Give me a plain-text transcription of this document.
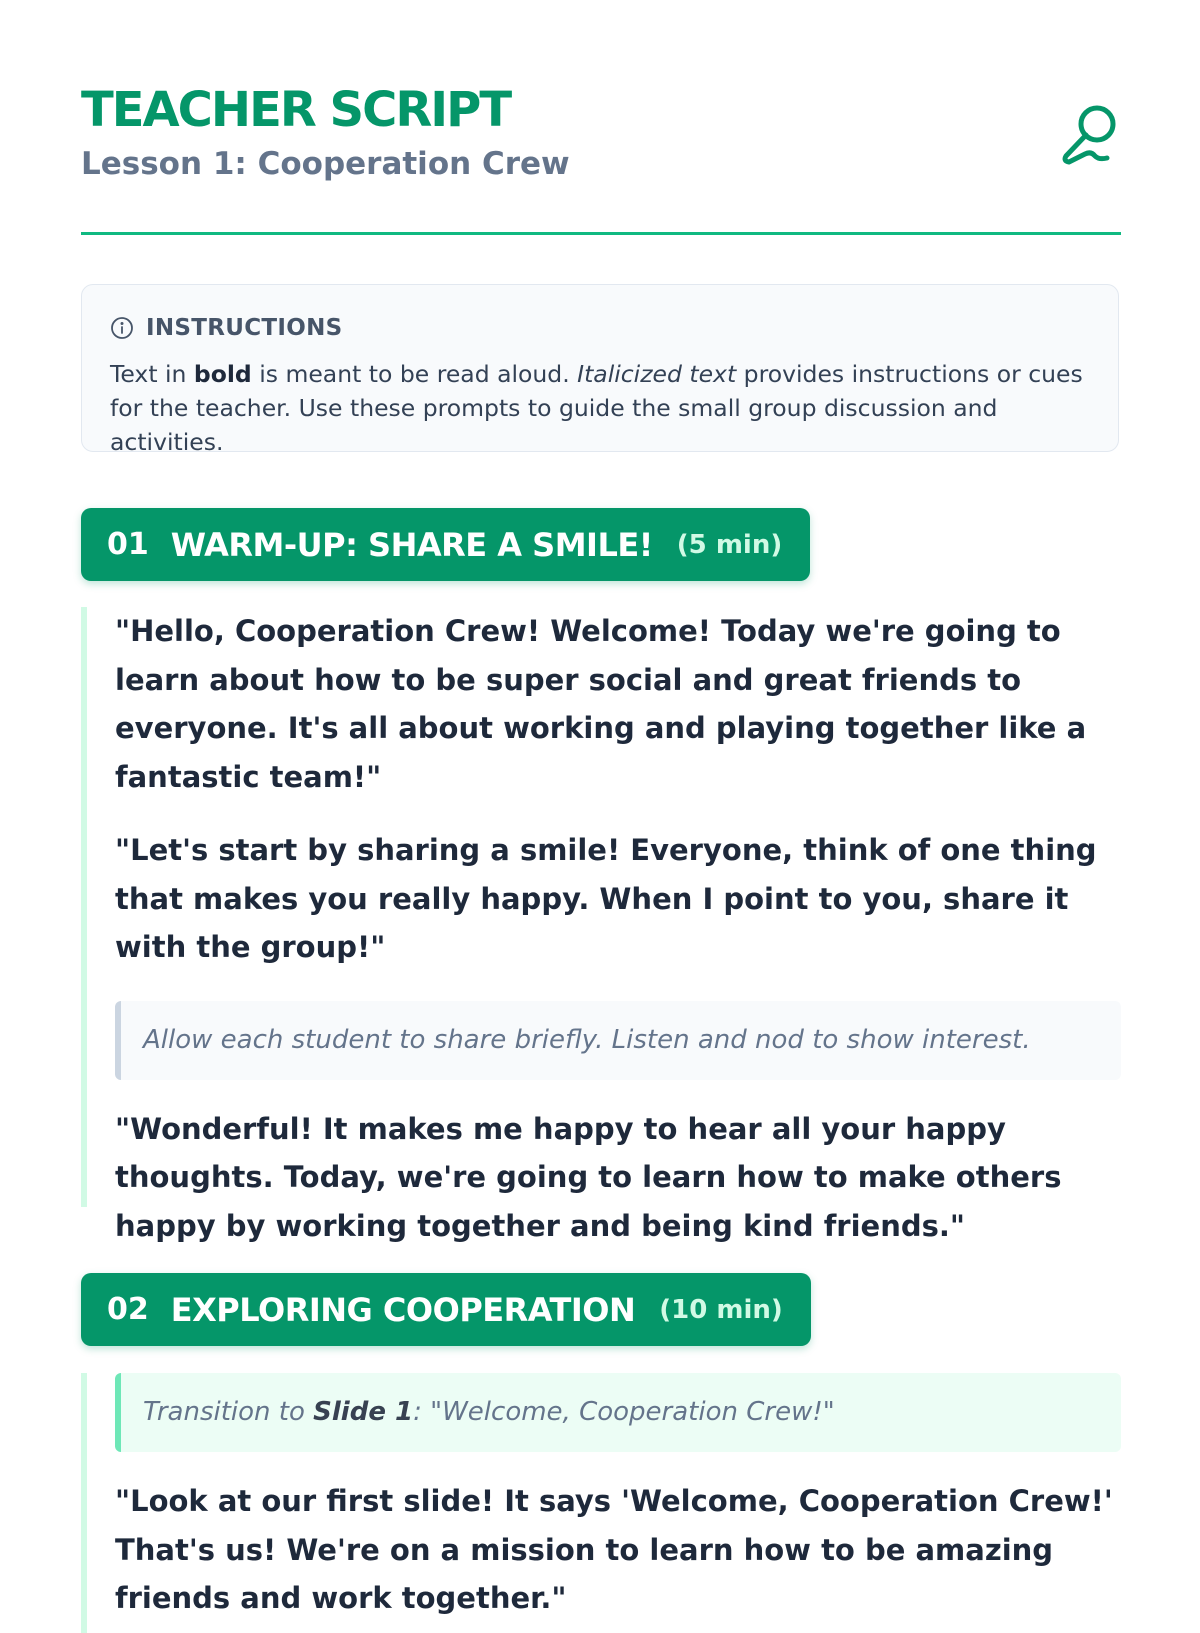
TEACHER SCRIPT
Lesson 1: Cooperation Crew
INSTRUCTIONS
Text in bold is meant to be read aloud. Italicized text provides instructions or cues for the teacher. Use these prompts to guide the small group discussion and activities.
01 WARM-UP: SHARE A SMILE! (5 min)

"Hello, Cooperation Crew! Welcome! Today we're going to learn about how to be super social and great friends to everyone. It's all about working and playing together like a fantastic team!"

"Let's start by sharing a smile! Everyone, think of one thing that makes you really happy. When I point to you, share it with the group!"

Allow each student to share briefly. Listen and nod to show interest.

"Wonderful! It makes me happy to hear all your happy thoughts. Today, we're going to learn how to make others happy by working together and being kind friends."

02 EXPLORING COOPERATION (10 min)

Transition to Slide 1: "Welcome, Cooperation Crew!"

"Look at our first slide! It says 'Welcome, Cooperation Crew!' That's us! We're on a mission to learn how to be amazing friends and work together."
